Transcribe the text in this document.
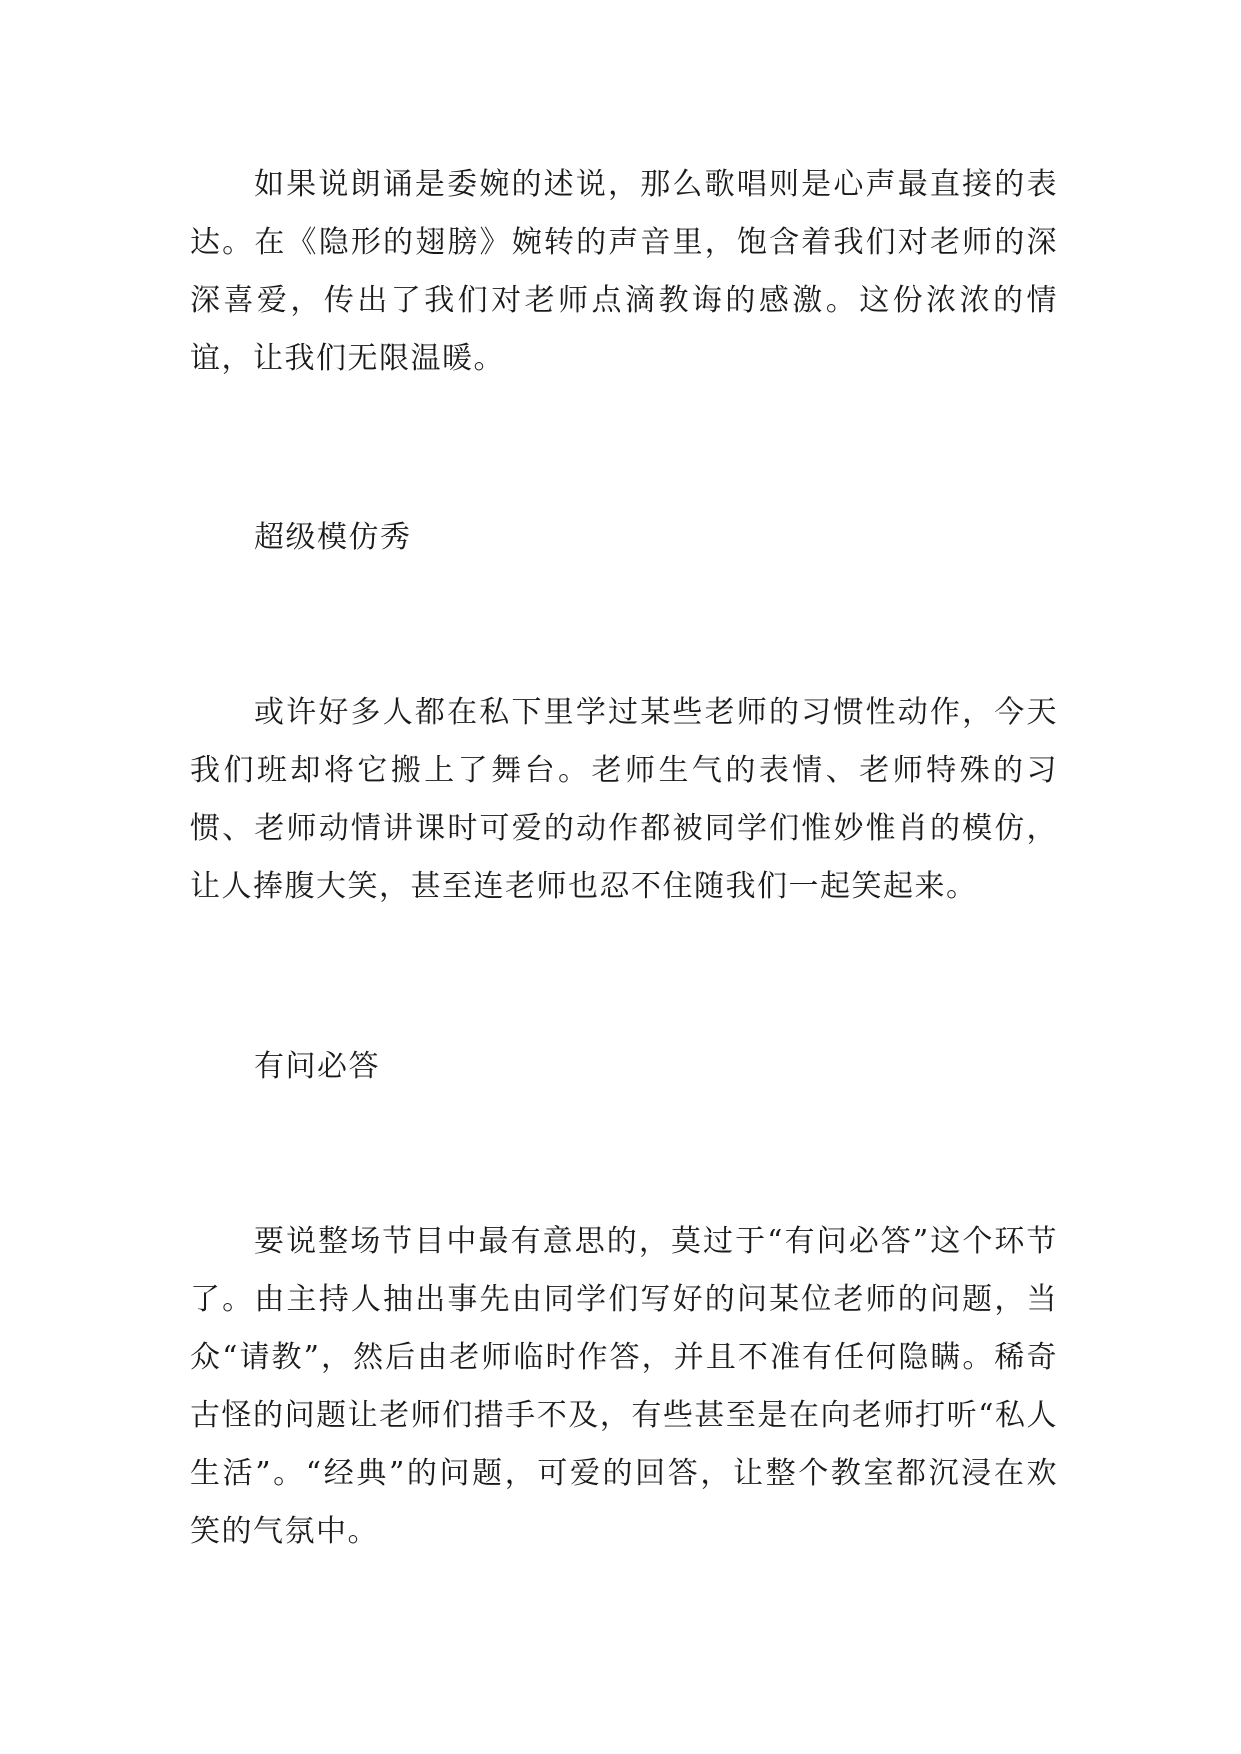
如果说朗诵是委婉的述说，那么歌唱则是心声最直接的表达。在《隐形的翅膀》婉转的声音里，饱含着我们对老师的深深喜爱，传出了我们对老师点滴教诲的感激。这份浓浓的情谊，让我们无限温暖。

超级模仿秀

或许好多人都在私下里学过某些老师的习惯性动作，今天我们班却将它搬上了舞台。老师生气的表情、老师特殊的习惯、老师动情讲课时可爱的动作都被同学们惟妙惟肖的模仿，让人捧腹大笑，甚至连老师也忍不住随我们一起笑起来。

有问必答

要说整场节目中最有意思的，莫过于“有问必答”这个环节了。由主持人抽出事先由同学们写好的问某位老师的问题，当众“请教”，然后由老师临时作答，并且不准有任何隐瞒。稀奇古怪的问题让老师们措手不及，有些甚至是在向老师打听“私人生活”。“经典”的问题，可爱的回答，让整个教室都沉浸在欢笑的气氛中。
